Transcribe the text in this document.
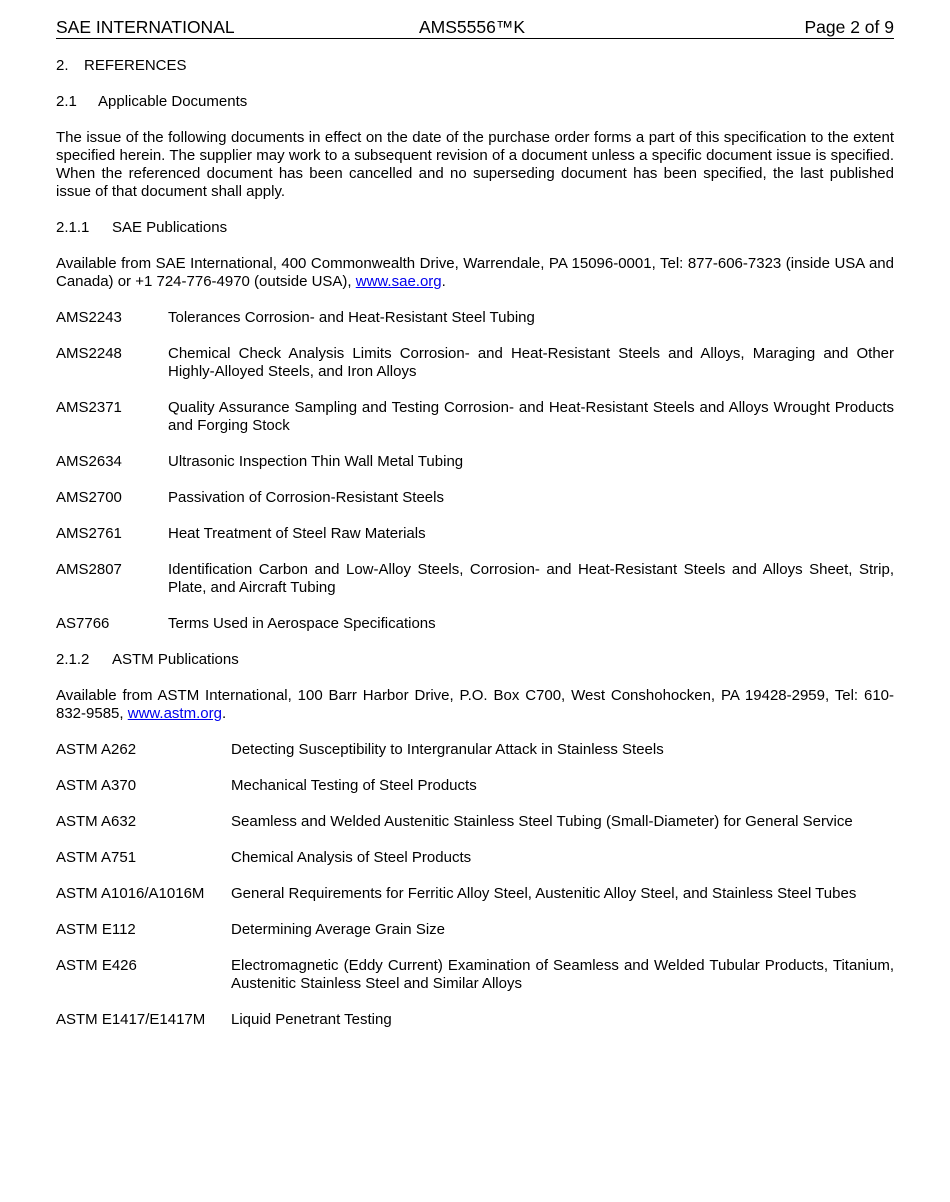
SAE INTERNATIONAL	AMS5556™K	Page 2 of 9
2. REFERENCES
2.1 Applicable Documents

The issue of the following documents in effect on the date of the purchase order forms a part of this specification to the extent specified herein. The supplier may work to a subsequent revision of a document unless a specific document issue is specified. When the referenced document has been cancelled and no superseding document has been specified, the last published issue of that document shall apply.

2.1.1 SAE Publications

Available from SAE International, 400 Commonwealth Drive, Warrendale, PA 15096-0001, Tel: 877-606-7323 (inside USA and Canada) or +1 724-776-4970 (outside USA), www.sae.org.

AMS2243	Tolerances Corrosion- and Heat-Resistant Steel Tubing
AMS2248	Chemical Check Analysis Limits Corrosion- and Heat-Resistant Steels and Alloys, Maraging and Other Highly-Alloyed Steels, and Iron Alloys
AMS2371	Quality Assurance Sampling and Testing Corrosion- and Heat-Resistant Steels and Alloys Wrought Products and Forging Stock
AMS2634	Ultrasonic Inspection Thin Wall Metal Tubing
AMS2700	Passivation of Corrosion-Resistant Steels
AMS2761	Heat Treatment of Steel Raw Materials
AMS2807	Identification Carbon and Low-Alloy Steels, Corrosion- and Heat-Resistant Steels and Alloys Sheet, Strip, Plate, and Aircraft Tubing
AS7766	Terms Used in Aerospace Specifications
2.1.2 ASTM Publications

Available from ASTM International, 100 Barr Harbor Drive, P.O. Box C700, West Conshohocken, PA 19428-2959, Tel: 610-832-9585, www.astm.org.

ASTM A262	Detecting Susceptibility to Intergranular Attack in Stainless Steels
ASTM A370	Mechanical Testing of Steel Products
ASTM A632	Seamless and Welded Austenitic Stainless Steel Tubing (Small-Diameter) for General Service
ASTM A751	Chemical Analysis of Steel Products
ASTM A1016/A1016M	General Requirements for Ferritic Alloy Steel, Austenitic Alloy Steel, and Stainless Steel Tubes
ASTM E112	Determining Average Grain Size
ASTM E426	Electromagnetic (Eddy Current) Examination of Seamless and Welded Tubular Products, Titanium, Austenitic Stainless Steel and Similar Alloys
ASTM E1417/E1417M	Liquid Penetrant Testing
